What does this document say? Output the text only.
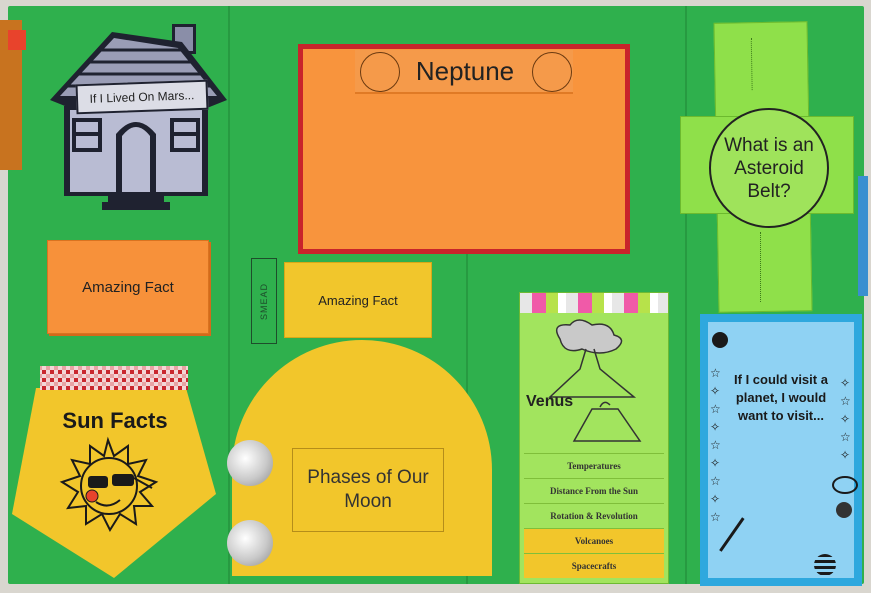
If I Lived On Mars...
Neptune
What is an Asteroid Belt?
Amazing Fact	SMEAD	Amazing Fact
Sun Facts
Phases of Our Moon
Venus
Temperatures
Distance From the Sun
Rotation & Revolution
Volcanoes
Spacecrafts
If I could visit a planet, I would want to visit...
☆
✧
☆
✧
☆
✧
☆
✧
☆
✧
☆
✧
☆
✧
